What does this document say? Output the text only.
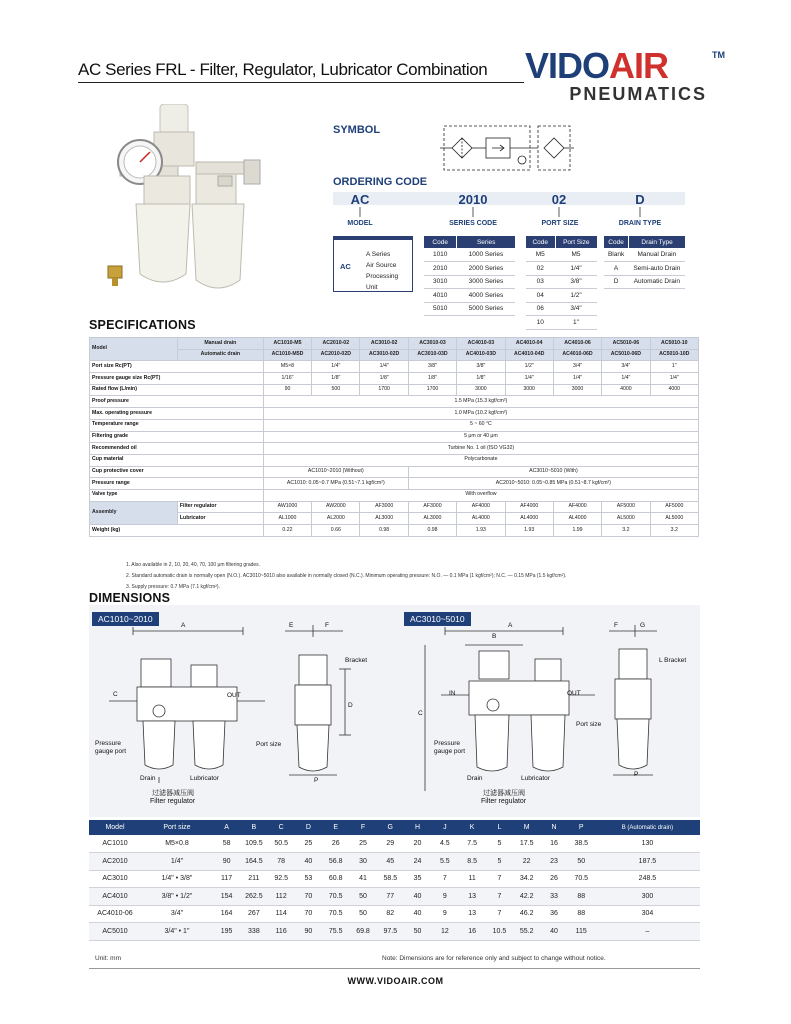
AC Series FRL - Filter, Regulator, Lubricator Combination VIDOAIR	TM
PNEUMATICS
SYMBOL
ORDERING CODE
AC	2010	02	D
MODEL	SERIES CODE	PORT SIZE	DRAIN TYPE
AC
A Series
Air Source
Processing
Unit
Code	Series
1010	1000 Series
2010	2000 Series
3010	3000 Series
4010	4000 Series
5010	5000 Series
Code	Port Size
M5	M5
02	1/4"
03	3/8"
04	1/2"
06	3/4"
10	1"
Code	Drain Type
Blank	Manual Drain
A	Semi-auto Drain
D	Automatic Drain
SPECIFICATIONS
Model	Manual drain	AC1010-M5	AC2010-02	AC3010-02	AC3010-03	AC4010-03	AC4010-04	AC4010-06	AC5010-06	AC5010-10
	Automatic drain	AC1010-M5D	AC2010-02D	AC3010-02D	AC3010-03D	AC4010-03D	AC4010-04D	AC4010-06D	AC5010-06D	AC5010-10D
Port size Rc(PT)		M5×8	1/4"	1/4"	3/8"	3/8"	1/2"	3/4"	3/4"	1"
Pressure gauge size Rc(PT)		1/16"	1/8"	1/8"	1/8"	1/8"	1/4"	1/4"	1/4"	1/4"
Rated flow (L/min)		90	500	1700	1700	3000	3000	3000	4000	4000
Proof pressure		1.5 MPa (15.3 kgf/cm²)								
Max. operating pressure		1.0 MPa (10.2 kgf/cm²)								
Temperature range		5 ~ 60 °C								
Filtering grade		5 μm or 40 μm								
Recommended oil		Turbine No. 1 oil (ISO VG32)								
Cup material		Polycarbonate								
Cup protective cover		AC1010~2010 (Without)			AC3010~5010 (With)					
Pressure range		AC1010: 0.05~0.7 MPa (0.51~7.1 kgf/cm²)			AC2010~5010: 0.05~0.85 MPa (0.51~8.7 kgf/cm²)					
Valve type		With overflow								
Assembly	Filter regulator	AW1000	AW2000	AF3000	AF3000	AF4000	AF4000	AF4000	AF5000	AF5000
	Lubricator	AL1000	AL2000	AL3000	AL3000	AL4000	AL4000	AL4000	AL5000	AL5000
Weight (kg)		0.22	0.66	0.98	0.98	1.93	1.93	1.99	3.2	3.2
1. Also available in 2, 10, 20, 40, 70, 100 μm filtering grades.
2. Standard automatic drain is normally open (N.O.). AC3010~5010 also available in normally closed (N.C.). Minimum operating pressure: N.O. — 0.1 MPa (1 kgf/cm²); N.C. — 0.15 MPa (1.5 kgf/cm²).
3. Supply pressure: 0.7 MPa (7.1 kgf/cm²).
DIMENSIONS
AC1010~2010	AC3010~5010
A
C	OUT
Pressure
gauge port
Drain	Lubricator
过滤器减压阀
Filter regulator
E	F
Bracket
D
Port size
P
A
B
C
IN	OUT
Pressure
gauge port
Drain	Lubricator
过滤器减压阀
Filter regulator
F	G
L Bracket
Port size
P
Model	Port size	A	B	C	D	E	F	G	H	J	K	L	M	N	P	B (Automatic drain)
AC1010	M5×0.8	58	109.5	50.5	25	26	25	29	20	4.5	7.5	5	17.5	16	38.5	130
AC2010	1/4"	90	164.5	78	40	56.8	30	45	24	5.5	8.5	5	22	23	50	187.5
AC3010	1/4" • 3/8"	117	211	92.5	53	60.8	41	58.5	35	7	11	7	34.2	26	70.5	248.5
AC4010	3/8" • 1/2"	154	262.5	112	70	70.5	50	77	40	9	13	7	42.2	33	88	300
AC4010-06	3/4"	164	267	114	70	70.5	50	82	40	9	13	7	46.2	36	88	304
AC5010	3/4" • 1"	195	338	116	90	75.5	69.8	97.5	50	12	16	10.5	55.2	40	115	–
Unit: mm	Note: Dimensions are for reference only and subject to change without notice.
WWW.VIDOAIR.COM
